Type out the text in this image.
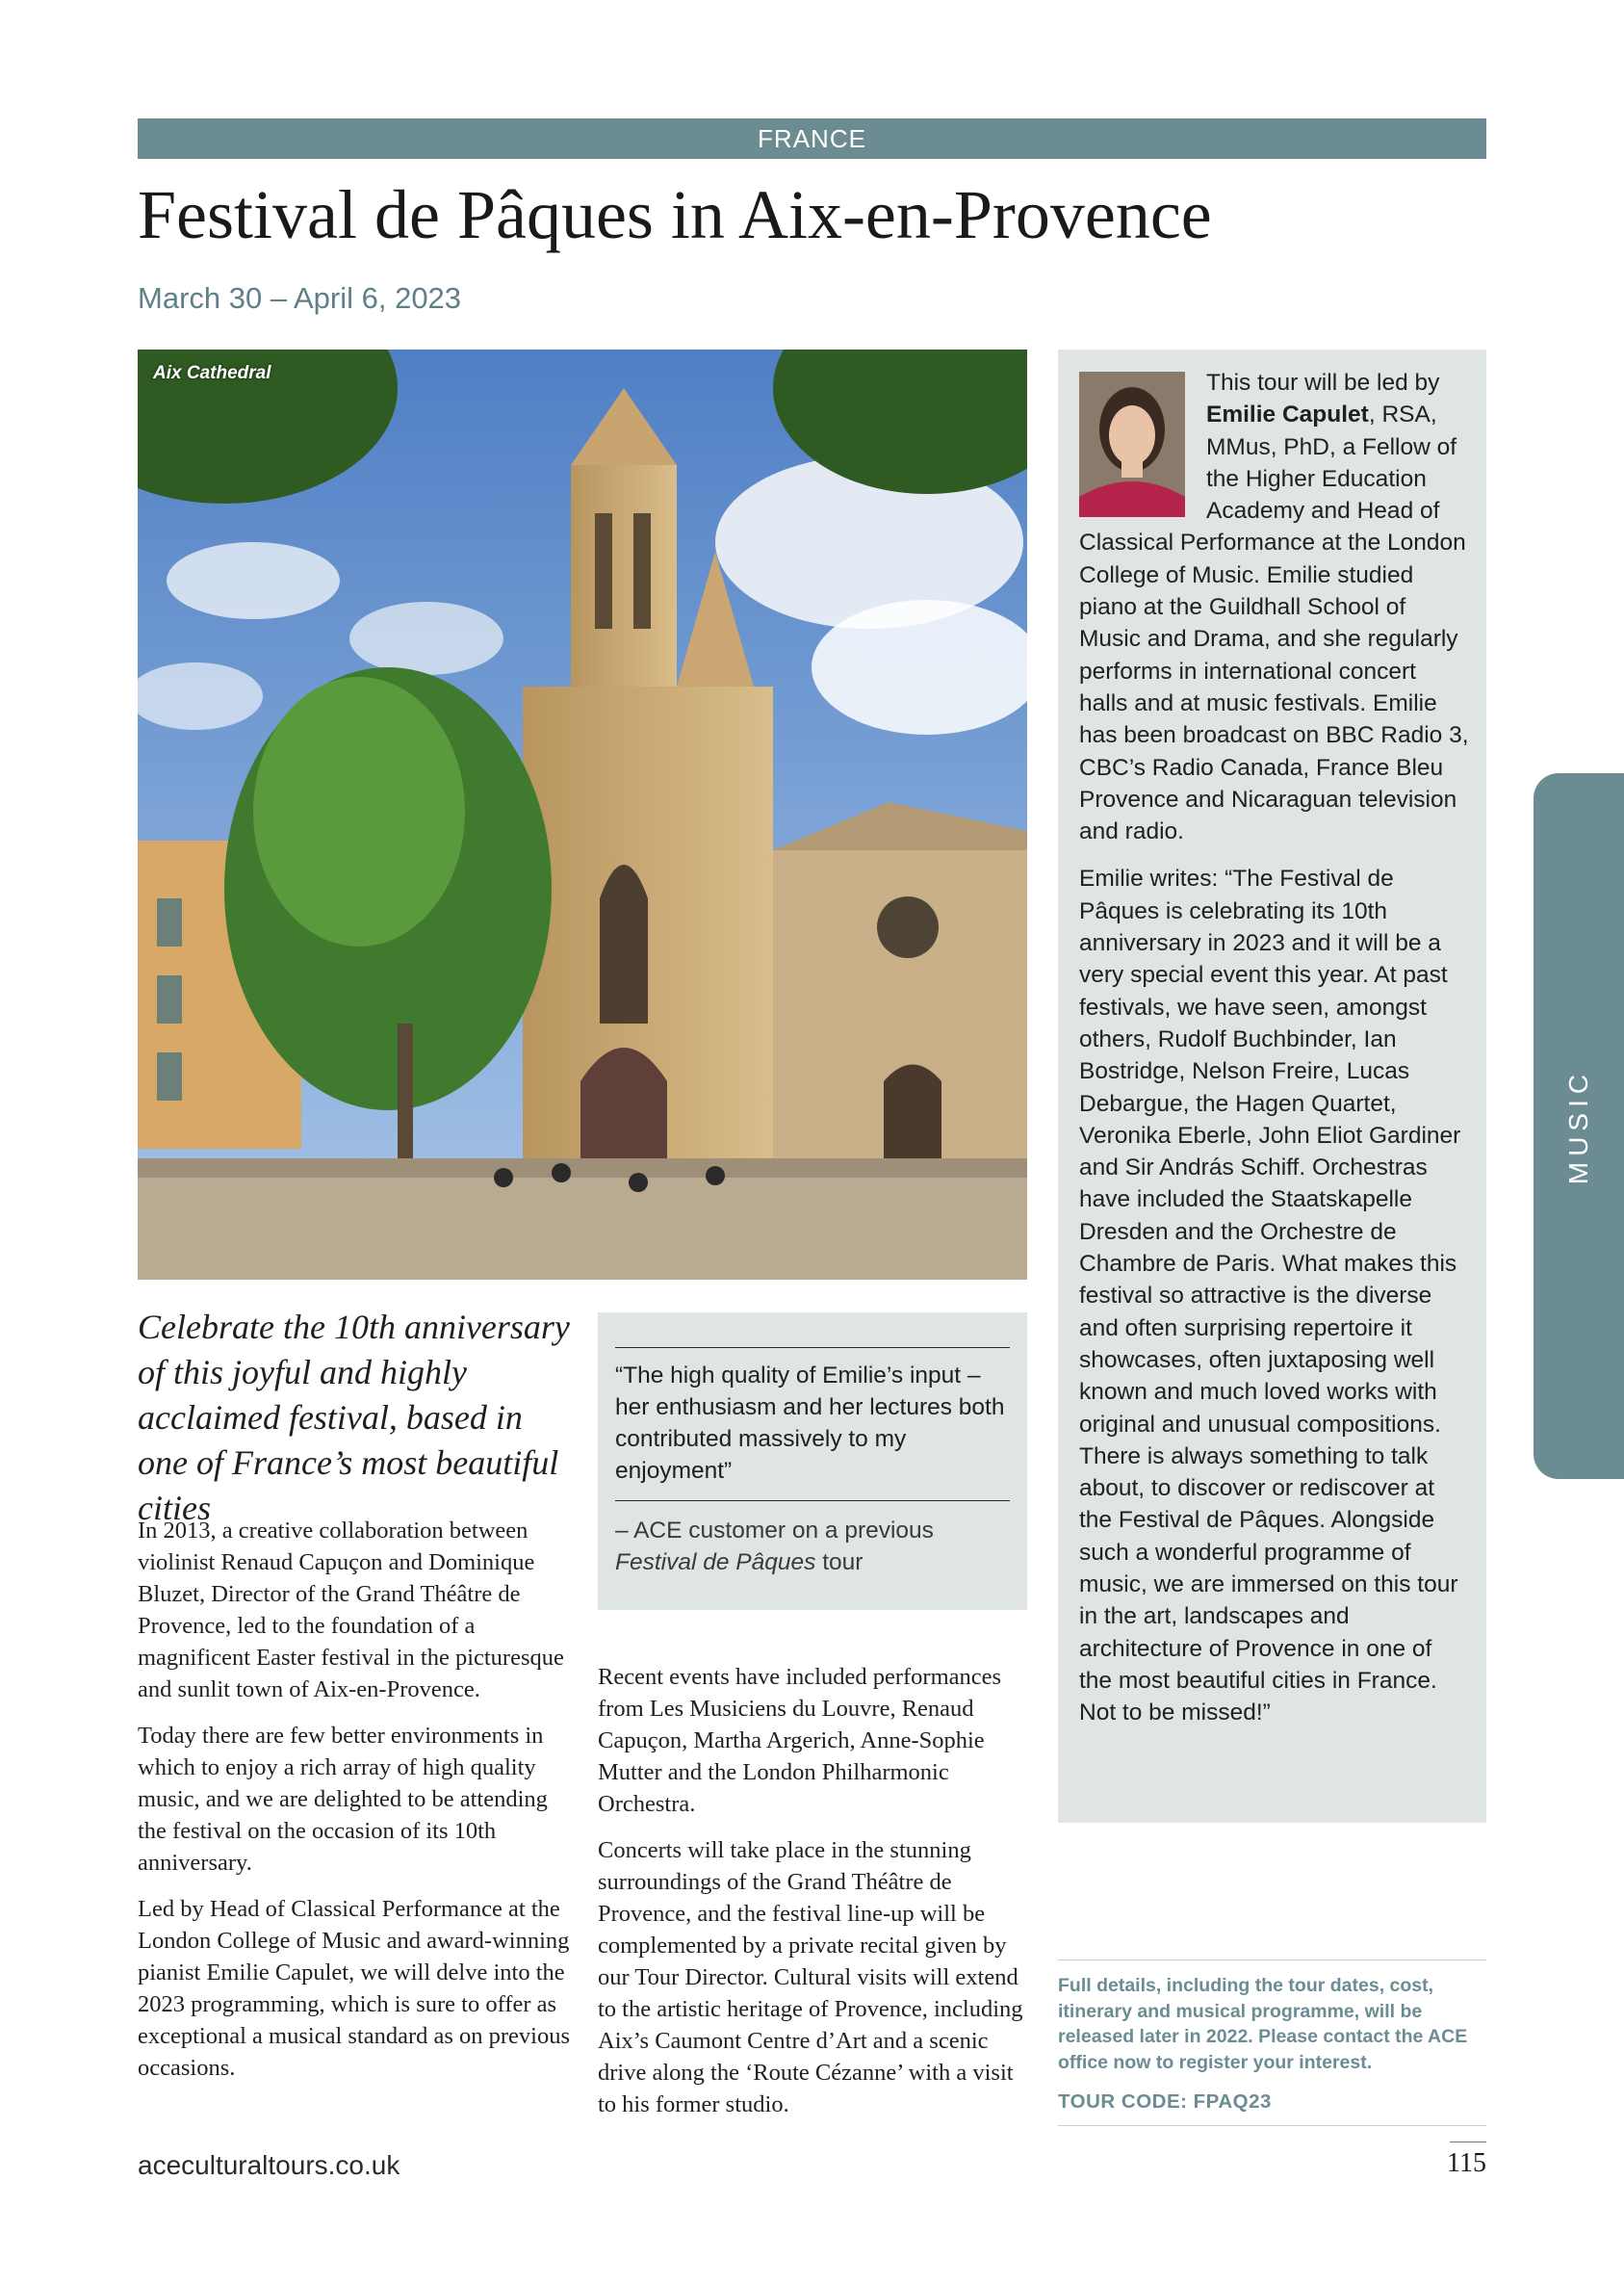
FRANCE
Festival de Pâques in Aix-en-Provence
March 30 – April 6, 2023
Aix Cathedral

Celebrate the 10th anniversary of this joyful and highly acclaimed festival, based in one of France’s most beautiful cities

In 2013, a creative collaboration between violinist Renaud Capuçon and Dominique Bluzet, Director of the Grand Théâtre de Provence, led to the foundation of a magnificent Easter festival in the picturesque and sunlit town of Aix-en-Provence.

Today there are few better environments in which to enjoy a rich array of high quality music, and we are delighted to be attending the festival on the occasion of its 10th anniversary.

Led by Head of Classical Performance at the London College of Music and award-winning pianist Emilie Capulet, we will delve into the 2023 programming, which is sure to offer as exceptional a musical standard as on previous occasions.

“The high quality of Emilie’s input – her enthusiasm and her lectures both contributed massively to my enjoyment”

– ACE customer on a previous
Festival de Pâques tour

Recent events have included performances from Les Musiciens du Louvre, Renaud Capuçon, Martha Argerich, Anne-Sophie Mutter and the London Philharmonic Orchestra.

Concerts will take place in the stunning surroundings of the Grand Théâtre de Provence, and the festival line-up will be complemented by a private recital given by our Tour Director. Cultural visits will extend to the artistic heritage of Provence, including Aix’s Caumont Centre d’Art and a scenic drive along the ‘Route Cézanne’ with a visit to his former studio.

This tour will be led by Emilie Capulet, RSA, MMus, PhD, a Fellow of the Higher Education Academy and Head of Classical Performance at the London College of Music. Emilie studied piano at the Guildhall School of Music and Drama, and she regularly performs in international concert halls and at music festivals. Emilie has been broadcast on BBC Radio 3, CBC’s Radio Canada, France Bleu Provence and Nicaraguan television and radio.

Emilie writes: “The Festival de Pâques is celebrating its 10th anniversary in 2023 and it will be a very special event this year. At past festivals, we have seen, amongst others, Rudolf Buchbinder, Ian Bostridge, Nelson Freire, Lucas Debargue, the Hagen Quartet, Veronika Eberle, John Eliot Gardiner and Sir András Schiff. Orchestras have included the Staatskapelle Dresden and the Orchestre de Chambre de Paris. What makes this festival so attractive is the diverse and often surprising repertoire it showcases, often juxtaposing well known and much loved works with original and unusual compositions. There is always something to talk about, to discover or rediscover at the Festival de Pâques. Alongside such a wonderful programme of music, we are immersed on this tour in the art, landscapes and architecture of Provence in one of the most beautiful cities in France. Not to be missed!”

Full details, including the tour dates, cost, itinerary and musical programme, will be released later in 2022. Please contact the ACE office now to register your interest.

TOUR CODE: FPAQ23
MUSIC
aceculturaltours.co.uk	115
